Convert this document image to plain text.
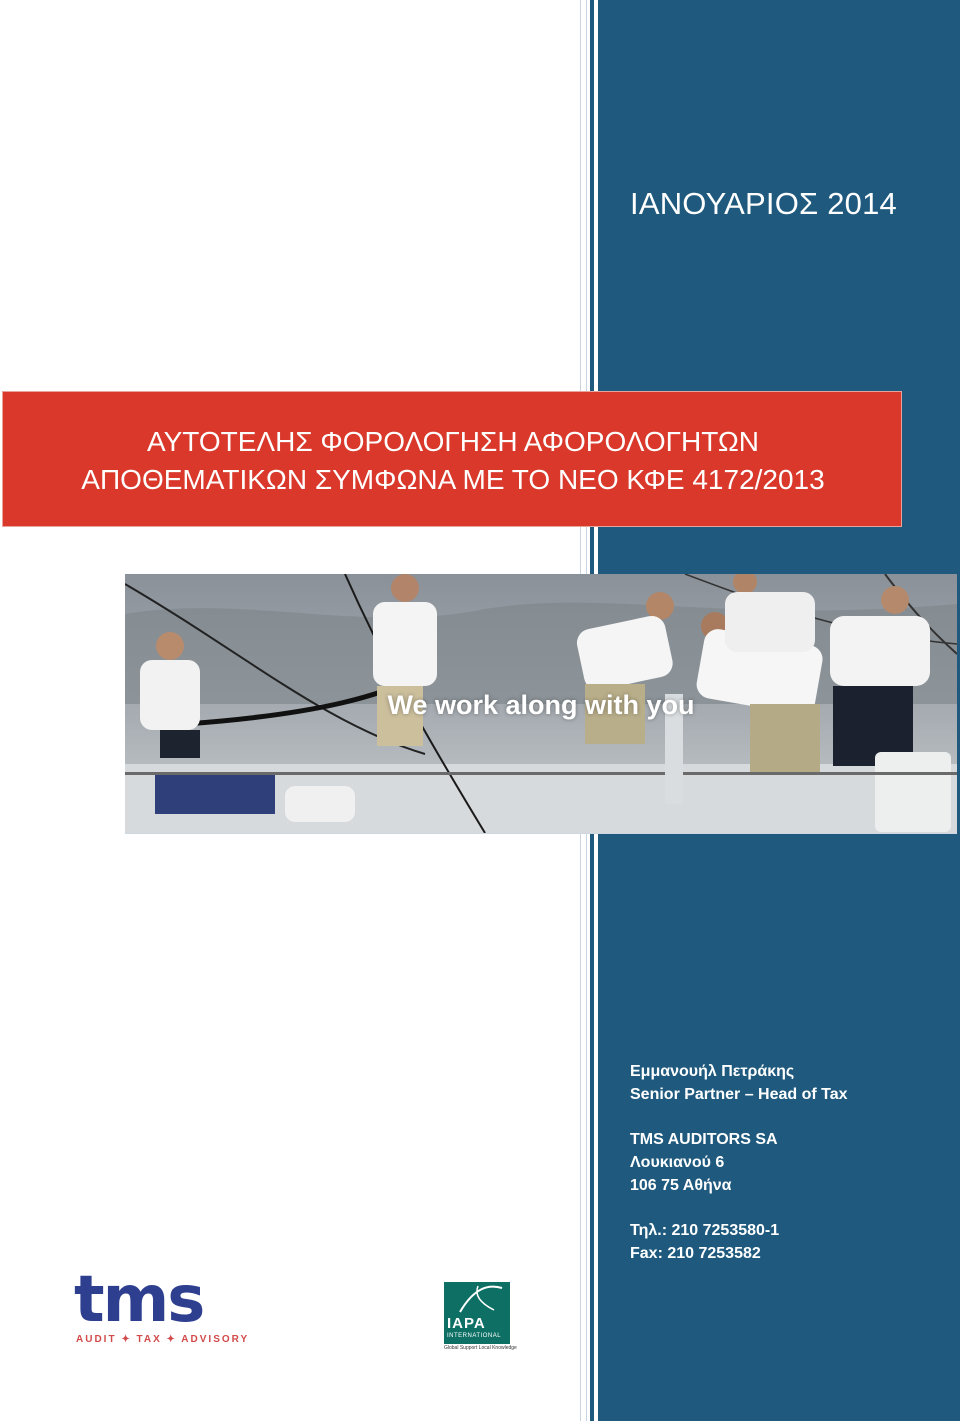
ΙΑΝΟΥΑΡΙΟΣ 2014
ΑΥΤΟΤΕΛΗΣ ΦΟΡΟΛΟΓΗΣΗ ΑΦΟΡΟΛΟΓΗΤΩΝ
ΑΠΟΘΕΜΑΤΙΚΩΝ ΣΥΜΦΩΝΑ ΜΕ ΤΟ ΝΕΟ ΚΦΕ 4172/2013
We work along with you
Εμμανουήλ Πετράκης
Senior Partner – Head of Tax
TMS AUDITORS SA
Λουκιανού 6
106 75 Αθήνα
Τηλ.: 210 7253580-1
Fax: 210 7253582
tms
AUDIT ✦ TAX ✦ ADVISORY
IAPA
INTERNATIONAL
Global Support Local Knowledge
